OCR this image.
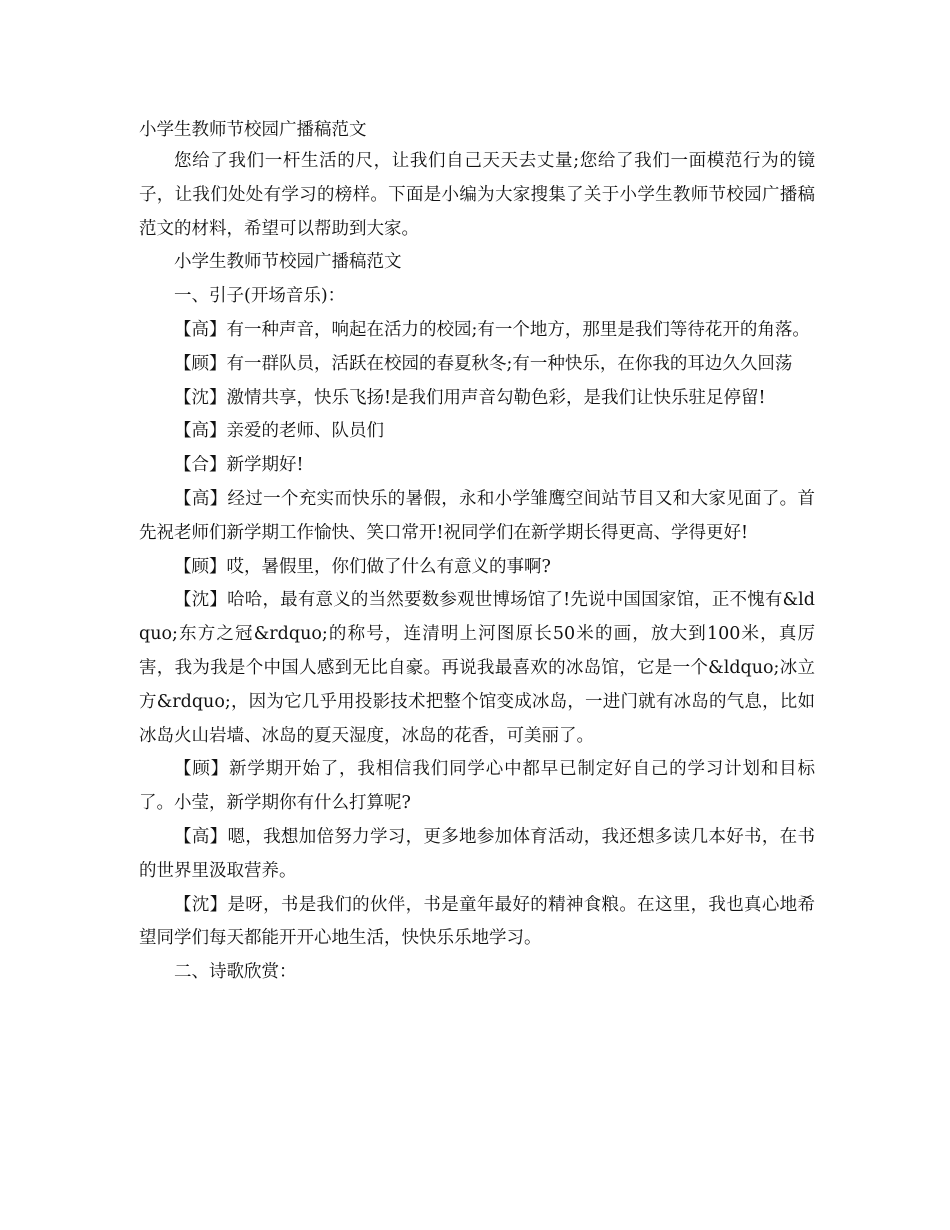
小学生教师节校园广播稿范文

您给了我们一杆生活的尺，让我们自己天天去丈量;您给了我们一面模范行为的镜子，让我们处处有学习的榜样。下面是小编为大家搜集了关于小学生教师节校园广播稿范文的材料，希望可以帮助到大家。

小学生教师节校园广播稿范文

一、引子(开场音乐)：

【高】有一种声音，响起在活力的校园;有一个地方，那里是我们等待花开的角落。

【顾】有一群队员，活跃在校园的春夏秋冬;有一种快乐，在你我的耳边久久回荡

【沈】激情共享，快乐飞扬!是我们用声音勾勒色彩，是我们让快乐驻足停留!

【高】亲爱的老师、队员们

【合】新学期好!

【高】经过一个充实而快乐的暑假，永和小学雏鹰空间站节目又和大家见面了。首先祝老师们新学期工作愉快、笑口常开!祝同学们在新学期长得更高、学得更好!

【顾】哎，暑假里，你们做了什么有意义的事啊?

【沈】哈哈，最有意义的当然要数参观世博场馆了!先说中国国家馆，正不愧有&ldquo;东方之冠&rdquo;的称号，连清明上河图原长50米的画，放大到100米，真厉害，我为我是个中国人感到无比自豪。再说我最喜欢的冰岛馆，它是一个&ldquo;冰立方&rdquo;，因为它几乎用投影技术把整个馆变成冰岛，一进门就有冰岛的气息，比如冰岛火山岩墙、冰岛的夏天湿度，冰岛的花香，可美丽了。

【顾】新学期开始了，我相信我们同学心中都早已制定好自己的学习计划和目标了。小莹，新学期你有什么打算呢?

【高】嗯，我想加倍努力学习，更多地参加体育活动，我还想多读几本好书，在书的世界里汲取营养。

【沈】是呀，书是我们的伙伴，书是童年最好的精神食粮。在这里，我也真心地希望同学们每天都能开开心地生活，快快乐乐地学习。

二、诗歌欣赏：
